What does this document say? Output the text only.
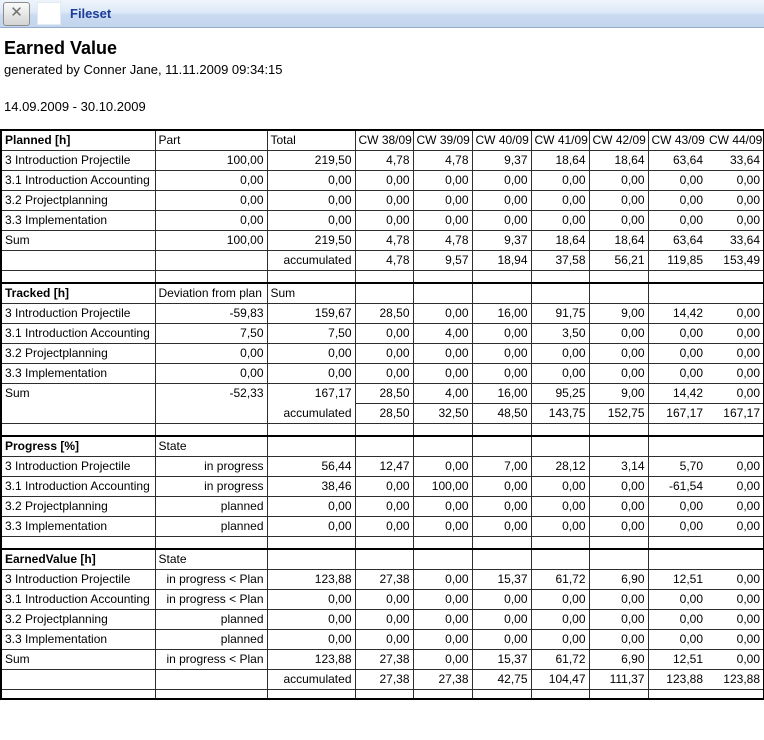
✕	Fileset
Earned Value
generated by Conner Jane, 11.11.2009 09:34:15
14.09.2009 - 30.10.2009
Planned [h]	Part	Total	CW 38/09	CW 39/09	CW 40/09	CW 41/09	CW 42/09	CW 43/09	CW 44/09
3 Introduction Projectile	100,00	219,50	4,78	4,78	9,37	18,64	18,64	63,64	33,64
3.1 Introduction Accounting	0,00	0,00	0,00	0,00	0,00	0,00	0,00	0,00	0,00
3.2 Projectplanning	0,00	0,00	0,00	0,00	0,00	0,00	0,00	0,00	0,00
3.3 Implementation	0,00	0,00	0,00	0,00	0,00	0,00	0,00	0,00	0,00
Sum	100,00	219,50	4,78	4,78	9,37	18,64	18,64	63,64	33,64
		accumulated	4,78	9,57	18,94	37,58	56,21	119,85	153,49

Tracked [h]	Deviation from plan	Sum							
3 Introduction Projectile	-59,83	159,67	28,50	0,00	16,00	91,75	9,00	14,42	0,00
3.1 Introduction Accounting	7,50	7,50	0,00	4,00	0,00	3,50	0,00	0,00	0,00
3.2 Projectplanning	0,00	0,00	0,00	0,00	0,00	0,00	0,00	0,00	0,00
3.3 Implementation	0,00	0,00	0,00	0,00	0,00	0,00	0,00	0,00	0,00
Sum	-52,33	167,17	28,50	4,00	16,00	95,25	9,00	14,42	0,00
		accumulated	28,50	32,50	48,50	143,75	152,75	167,17	167,17

Progress [%]	State								
3 Introduction Projectile	in progress	56,44	12,47	0,00	7,00	28,12	3,14	5,70	0,00
3.1 Introduction Accounting	in progress	38,46	0,00	100,00	0,00	0,00	0,00	-61,54	0,00
3.2 Projectplanning	planned	0,00	0,00	0,00	0,00	0,00	0,00	0,00	0,00
3.3 Implementation	planned	0,00	0,00	0,00	0,00	0,00	0,00	0,00	0,00

EarnedValue [h]	State								
3 Introduction Projectile	in progress < Plan	123,88	27,38	0,00	15,37	61,72	6,90	12,51	0,00
3.1 Introduction Accounting	in progress < Plan	0,00	0,00	0,00	0,00	0,00	0,00	0,00	0,00
3.2 Projectplanning	planned	0,00	0,00	0,00	0,00	0,00	0,00	0,00	0,00
3.3 Implementation	planned	0,00	0,00	0,00	0,00	0,00	0,00	0,00	0,00
Sum	in progress < Plan	123,88	27,38	0,00	15,37	61,72	6,90	12,51	0,00
		accumulated	27,38	27,38	42,75	104,47	111,37	123,88	123,88
